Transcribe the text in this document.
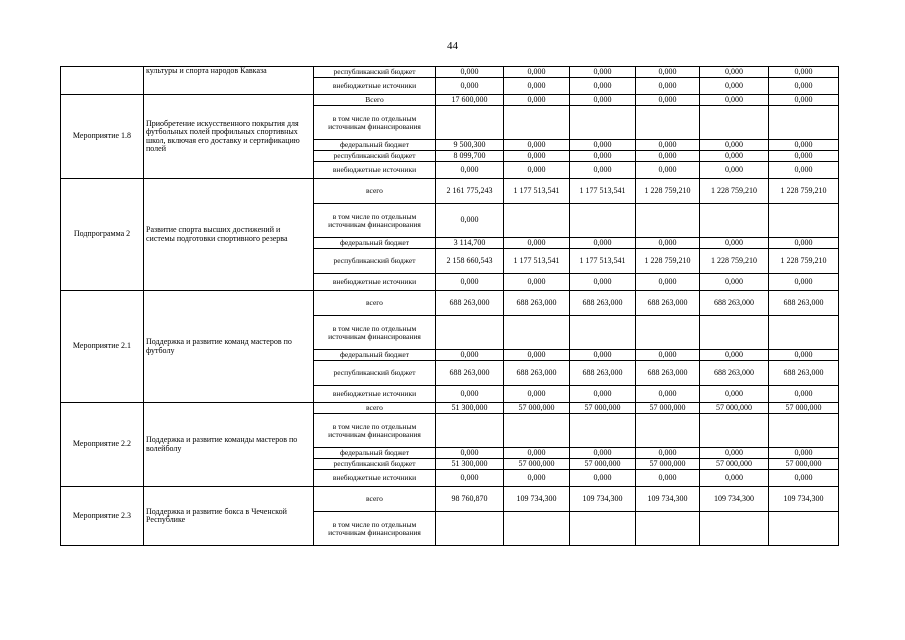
44
	культуры и спорта народов Кавказа	республиканский бюджет	0,000	0,000	0,000	0,000	0,000	0,000
		внебюджетные источники	0,000	0,000	0,000	0,000	0,000	0,000
Мероприятие 1.8	Приобретение искусственного покрытия для футбольных полей профильных спортивных школ, включая его доставку и сертификацию полей	Всего	17 600,000	0,000	0,000	0,000	0,000	0,000
		в том числе по отдельным источникам финансирования						
		федеральный бюджет	9 500,300	0,000	0,000	0,000	0,000	0,000
		республиканский бюджет	8 099,700	0,000	0,000	0,000	0,000	0,000
		внебюджетные источники	0,000	0,000	0,000	0,000	0,000	0,000
Подпрограмма 2	Развитие спорта высших достижений и системы подготовки спортивного резерва	всего	2 161 775,243	1 177 513,541	1 177 513,541	1 228 759,210	1 228 759,210	1 228 759,210
		в том числе по отдельным источникам финансирования	0,000					
		федеральный бюджет	3 114,700	0,000	0,000	0,000	0,000	0,000
		республиканский бюджет	2 158 660,543	1 177 513,541	1 177 513,541	1 228 759,210	1 228 759,210	1 228 759,210
		внебюджетные источники	0,000	0,000	0,000	0,000	0,000	0,000
Мероприятие 2.1	Поддержка и развитие команд мастеров по футболу	всего	688 263,000	688 263,000	688 263,000	688 263,000	688 263,000	688 263,000
		в том числе по отдельным источникам финансирования						
		федеральный бюджет	0,000	0,000	0,000	0,000	0,000	0,000
		республиканский бюджет	688 263,000	688 263,000	688 263,000	688 263,000	688 263,000	688 263,000
		внебюджетные источники	0,000	0,000	0,000	0,000	0,000	0,000
Мероприятие 2.2	Поддержка и развитие команды мастеров по волейболу	всего	51 300,000	57 000,000	57 000,000	57 000,000	57 000,000	57 000,000
		в том числе по отдельным источникам финансирования						
		федеральный бюджет	0,000	0,000	0,000	0,000	0,000	0,000
		республиканский бюджет	51 300,000	57 000,000	57 000,000	57 000,000	57 000,000	57 000,000
		внебюджетные источники	0,000	0,000	0,000	0,000	0,000	0,000
Мероприятие 2.3	Поддержка и развитие бокса в Чеченской Республике	всего	98 760,870	109 734,300	109 734,300	109 734,300	109 734,300	109 734,300
		в том числе по отдельным источникам финансирования						
